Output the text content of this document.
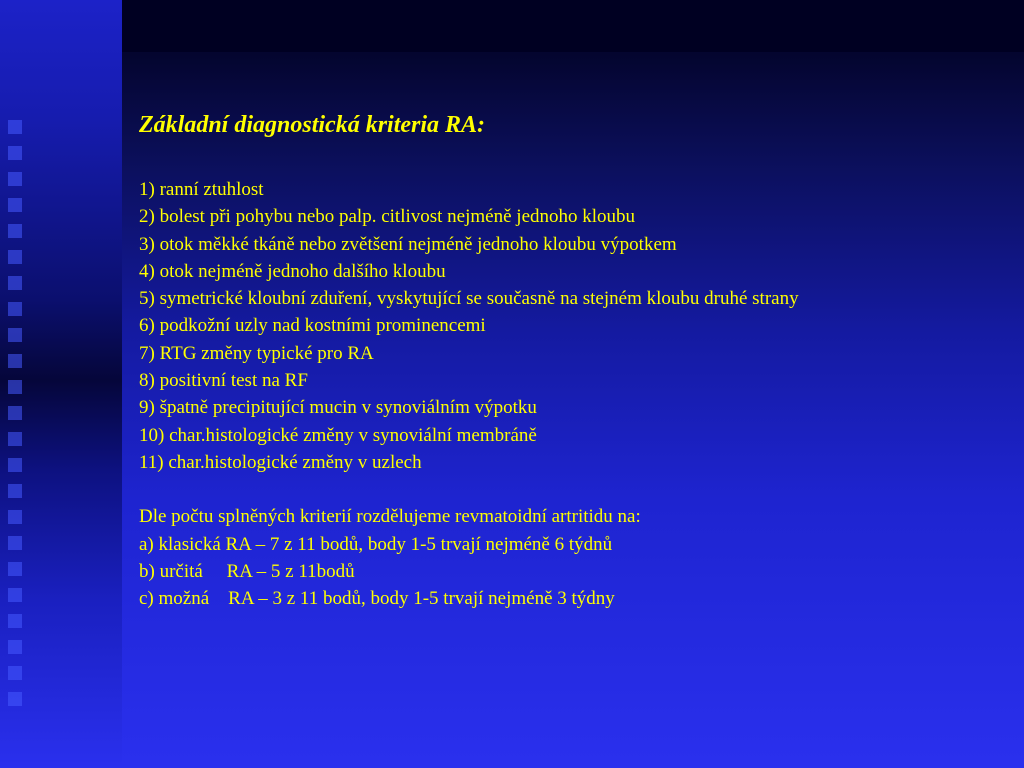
Základní diagnostická kriteria RA:
1) ranní ztuhlost
2) bolest při pohybu nebo palp. citlivost nejméně jednoho kloubu
3) otok měkké tkáně nebo zvětšení nejméně jednoho kloubu výpotkem
4) otok nejméně jednoho dalšího kloubu
5) symetrické kloubní zduření, vyskytující se současně na stejném kloubu druhé strany
6) podkožní uzly nad kostními prominencemi
7) RTG změny typické pro RA
8) positivní test na RF
9) špatně precipitující mucin v synoviálním výpotku
10) char.histologické změny v synoviální membráně
11) char.histologické změny v uzlech
Dle počtu splněných kriterií rozdělujeme revmatoidní artritidu na:
a) klasická RA – 7 z 11 bodů, body 1-5 trvají nejméně 6 týdnů
b) určitá     RA – 5 z 11bodů
c) možná    RA – 3 z 11 bodů, body 1-5 trvají nejméně 3 týdny
